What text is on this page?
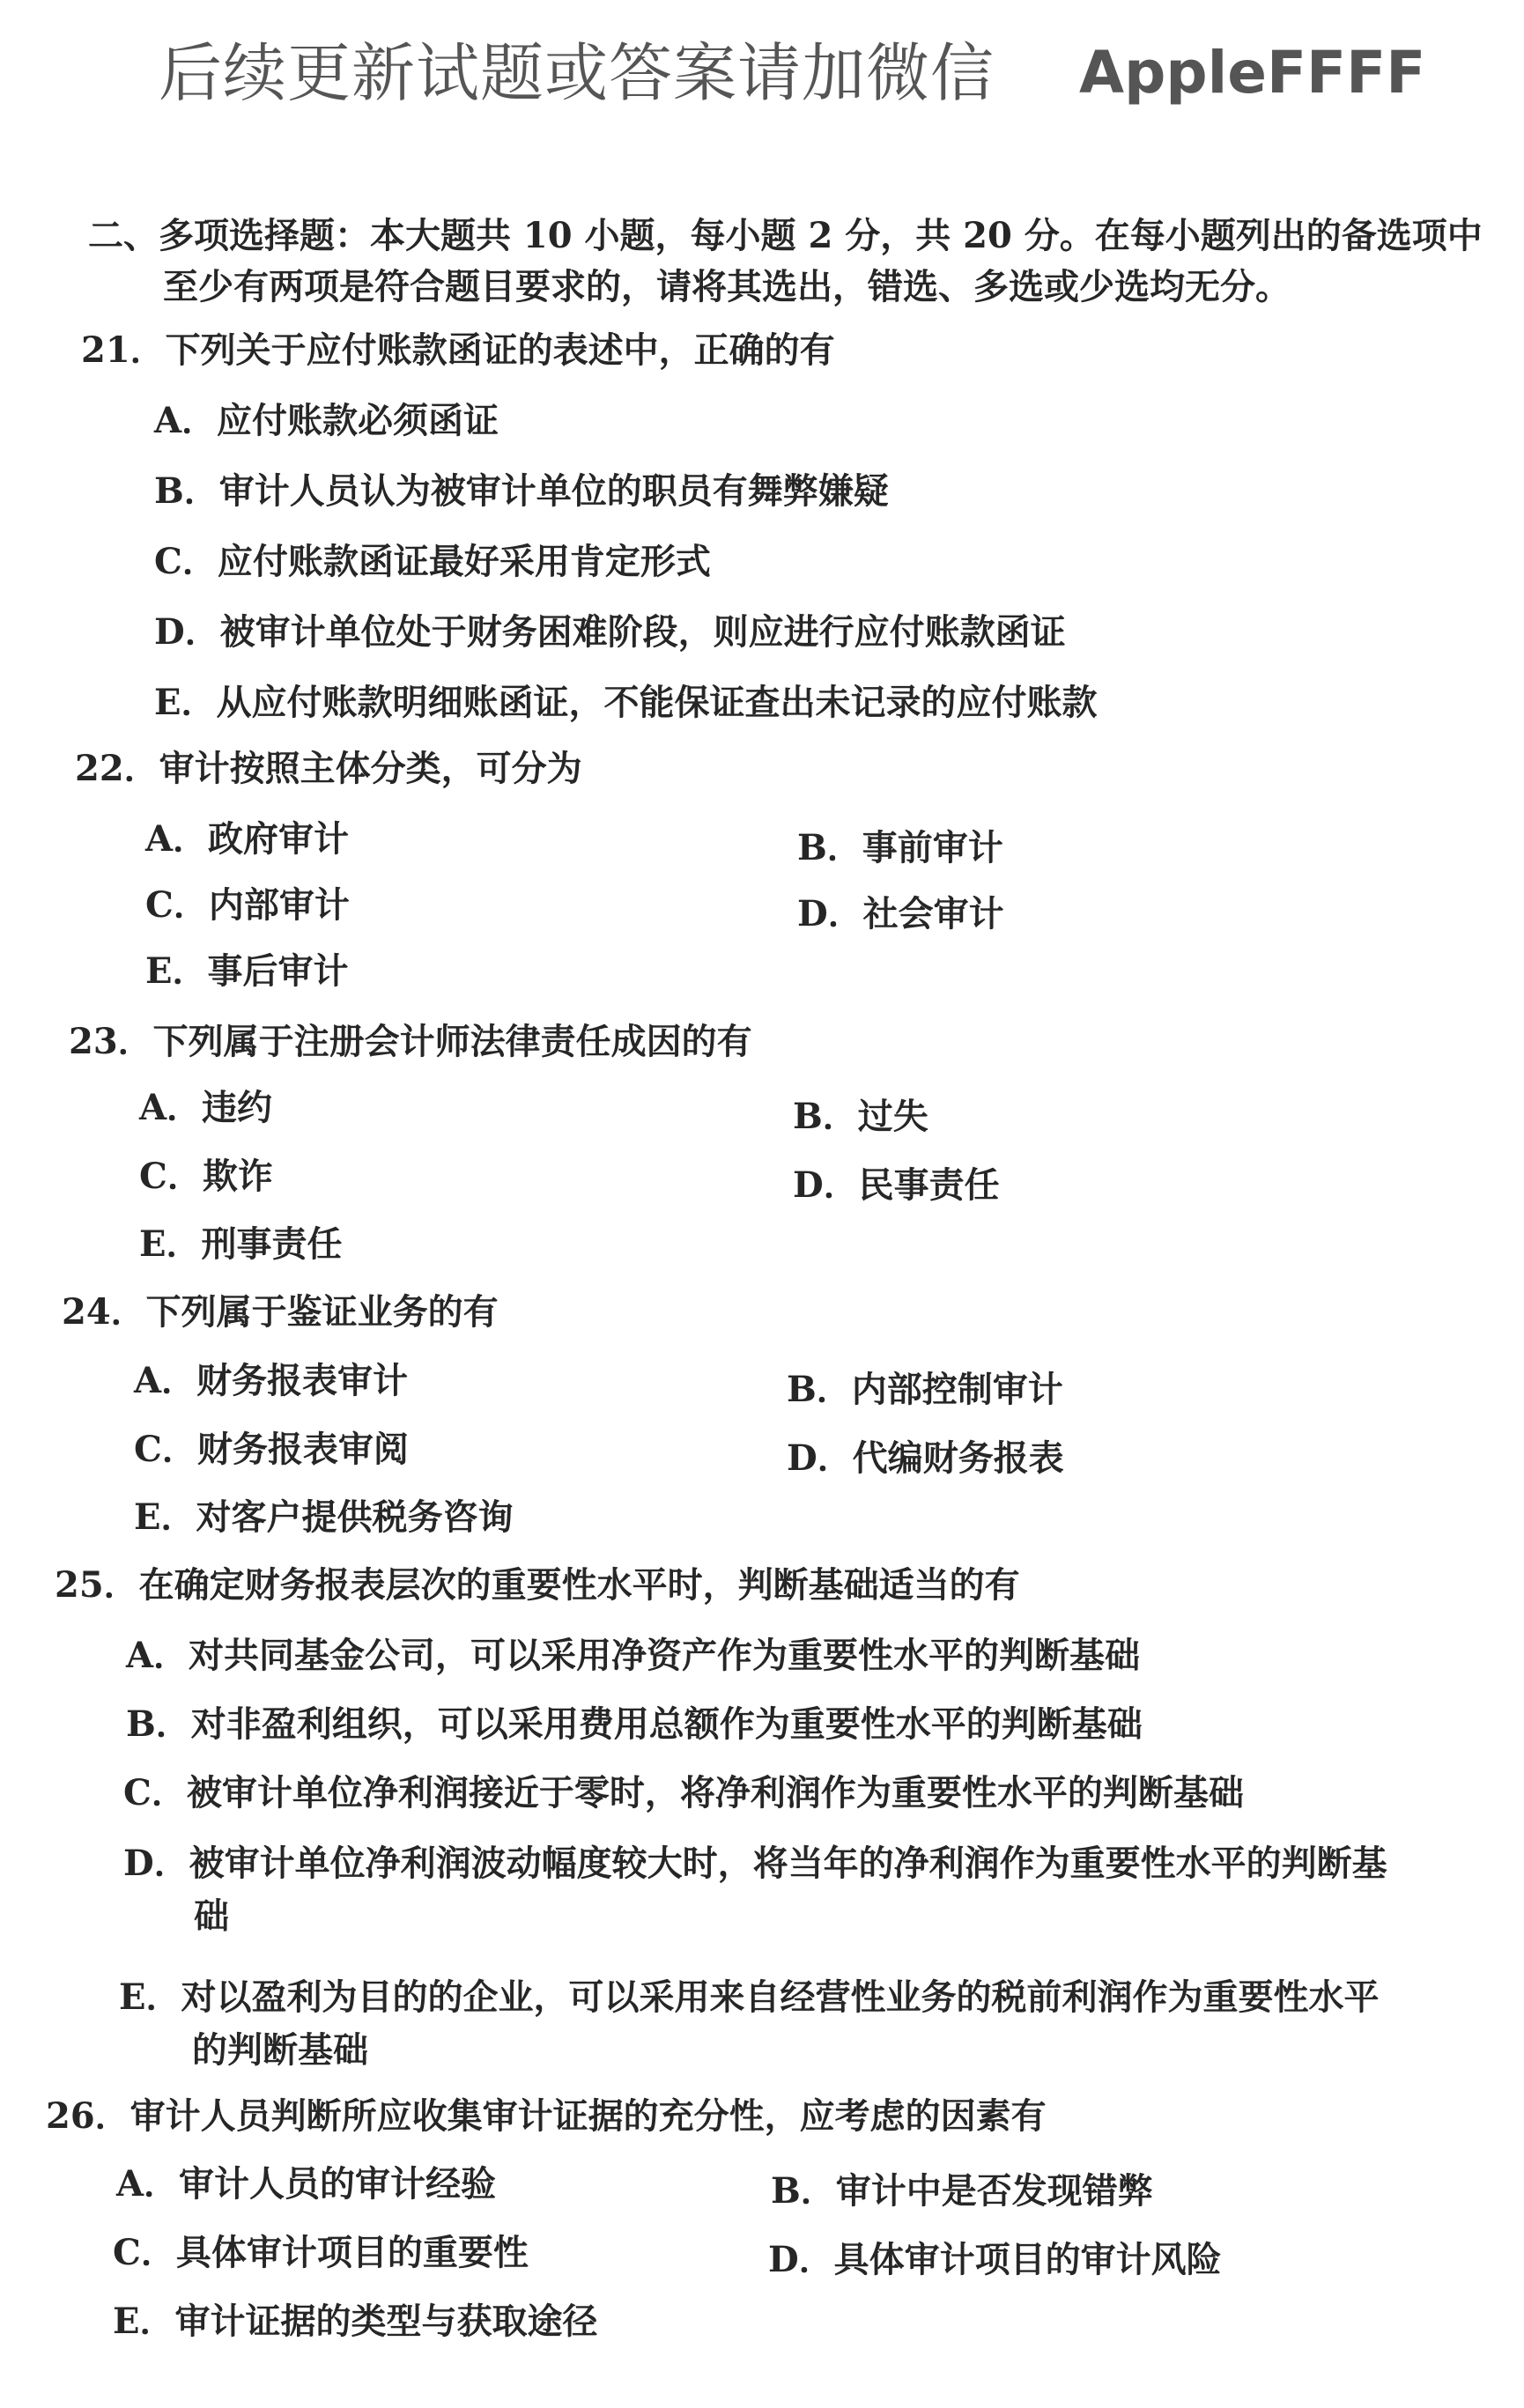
后续更新试题或答案请加微信 AppleFFFF
二、多项选择题：本大题共 10 小题，每小题 2 分，共 20 分。在每小题列出的备选项中
至少有两项是符合题目要求的，请将其选出，错选、多选或少选均无分。
21．下列关于应付账款函证的表述中，正确的有
A．应付账款必须函证
B．审计人员认为被审计单位的职员有舞弊嫌疑
C．应付账款函证最好采用肯定形式
D．被审计单位处于财务困难阶段，则应进行应付账款函证
E．从应付账款明细账函证，不能保证查出未记录的应付账款
22．审计按照主体分类，可分为
A．政府审计	B．事前审计
C．内部审计	D．社会审计
E．事后审计
23．下列属于注册会计师法律责任成因的有
A．违约	B．过失
C．欺诈	D．民事责任
E．刑事责任
24．下列属于鉴证业务的有
A．财务报表审计	B．内部控制审计
C．财务报表审阅	D．代编财务报表
E．对客户提供税务咨询
25．在确定财务报表层次的重要性水平时，判断基础适当的有
A．对共同基金公司，可以采用净资产作为重要性水平的判断基础
B．对非盈利组织，可以采用费用总额作为重要性水平的判断基础
C．被审计单位净利润接近于零时，将净利润作为重要性水平的判断基础
D．被审计单位净利润波动幅度较大时，将当年的净利润作为重要性水平的判断基
础
E．对以盈利为目的的企业，可以采用来自经营性业务的税前利润作为重要性水平
的判断基础
26．审计人员判断所应收集审计证据的充分性，应考虑的因素有
A．审计人员的审计经验	B．审计中是否发现错弊
C．具体审计项目的重要性	D．具体审计项目的审计风险
E．审计证据的类型与获取途径
